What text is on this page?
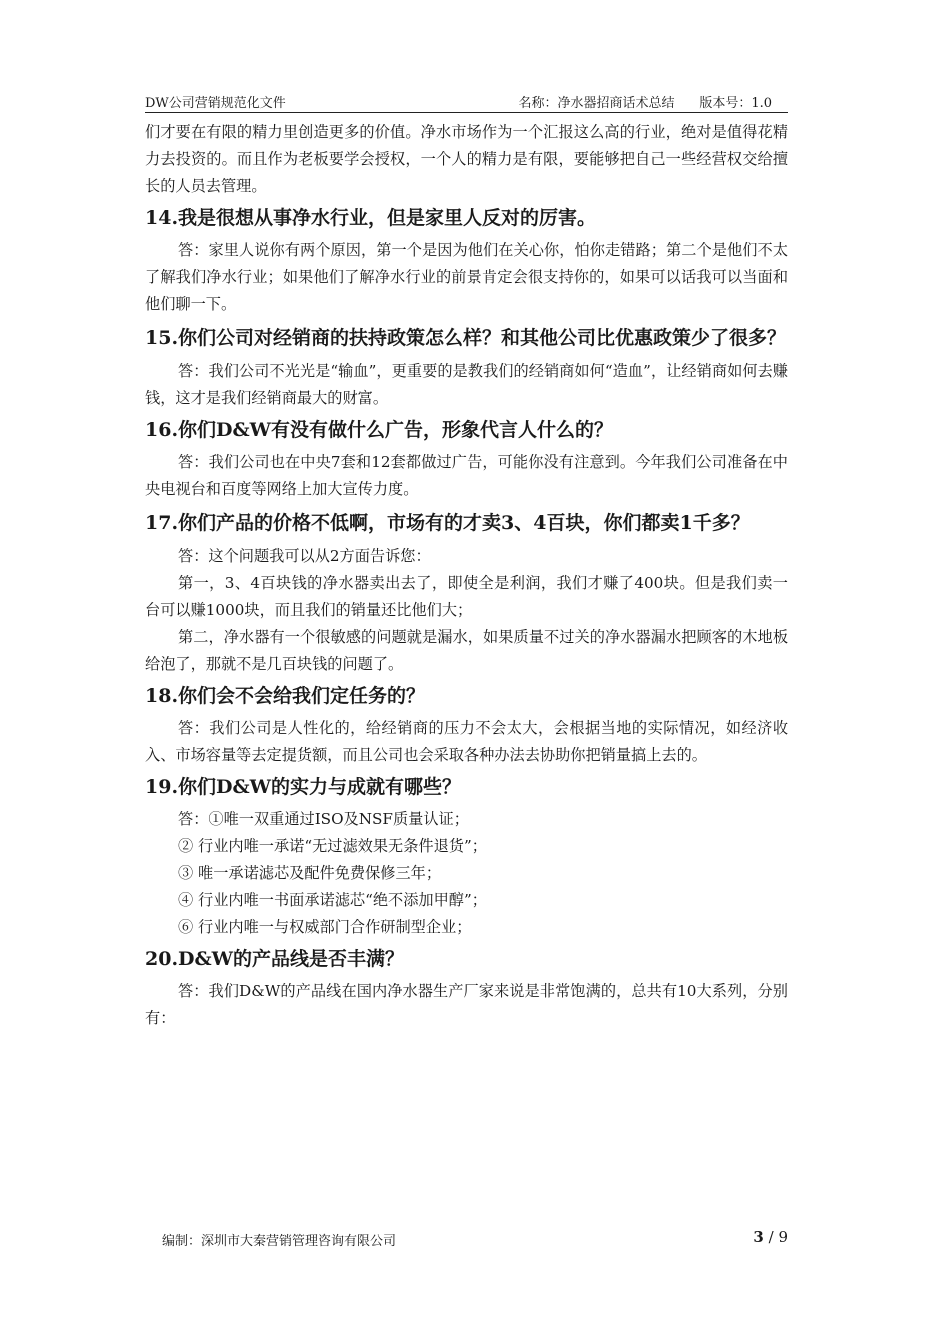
DW公司营销规范化文件	名称：净水器招商话术总结      版本号：1.0

们才要在有限的精力里创造更多的价值。净水市场作为一个汇报这么高的行业，绝对是值得花精力去投资的。而且作为老板要学会授权，一个人的精力是有限，要能够把自己一些经营权交给擅长的人员去管理。

14.我是很想从事净水行业，但是家里人反对的厉害。

答：家里人说你有两个原因，第一个是因为他们在关心你，怕你走错路；第二个是他们不太了解我们净水行业；如果他们了解净水行业的前景肯定会很支持你的，如果可以话我可以当面和他们聊一下。

15.你们公司对经销商的扶持政策怎么样？和其他公司比优惠政策少了很多？

答：我们公司不光光是“输血”，更重要的是教我们的经销商如何“造血”，让经销商如何去赚钱，这才是我们经销商最大的财富。

16.你们D&W有没有做什么广告，形象代言人什么的？

答：我们公司也在中央7套和12套都做过广告，可能你没有注意到。今年我们公司准备在中央电视台和百度等网络上加大宣传力度。

17.你们产品的价格不低啊，市场有的才卖3、4百块，你们都卖1千多？

答：这个问题我可以从2方面告诉您：

第一，3、4百块钱的净水器卖出去了，即使全是利润，我们才赚了400块。但是我们卖一台可以赚1000块，而且我们的销量还比他们大；

第二，净水器有一个很敏感的问题就是漏水，如果质量不过关的净水器漏水把顾客的木地板给泡了，那就不是几百块钱的问题了。

18.你们会不会给我们定任务的？

答：我们公司是人性化的，给经销商的压力不会太大，会根据当地的实际情况，如经济收入、市场容量等去定提货额，而且公司也会采取各种办法去协助你把销量搞上去的。

19.你们D&W的实力与成就有哪些？

答：①唯一双重通过ISO及NSF质量认证；

② 行业内唯一承诺“无过滤效果无条件退货”；

③ 唯一承诺滤芯及配件免费保修三年；

④ 行业内唯一书面承诺滤芯“绝不添加甲醇”；

⑥ 行业内唯一与权威部门合作研制型企业；

20.D&W的产品线是否丰满？

答：我们D&W的产品线在国内净水器生产厂家来说是非常饱满的，总共有10大系列，分别有：

编制：深圳市大秦营销管理咨询有限公司	3 / 9
